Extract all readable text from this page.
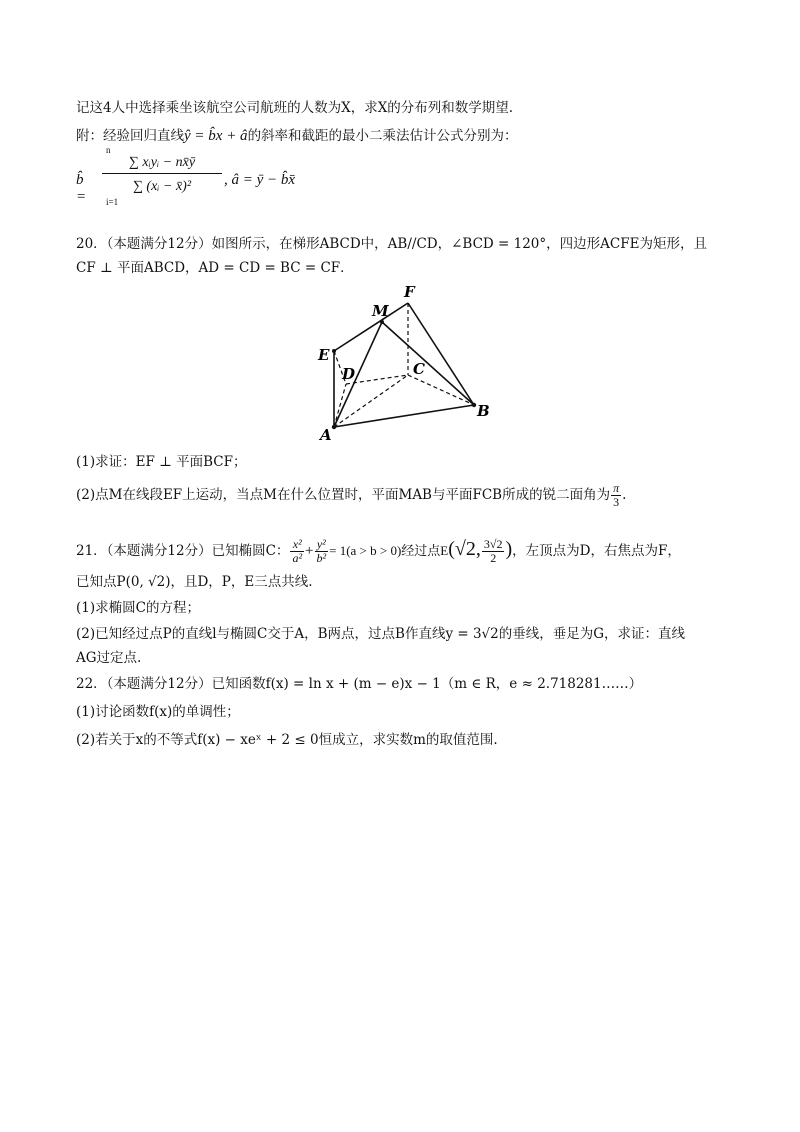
记这4人中选择乘坐该航空公司航班的人数为X，求X的分布列和数学期望.
附：经验回归直线ŷ = b̂x + â的斜率和截距的最小二乘法估计公式分别为：
b̂ =
n
∑ xᵢyᵢ − nx̄ȳ
∑ (xᵢ − x̄)²
i=1
, â = ȳ − b̂x̄
20．（本题满分12分）如图所示，在梯形ABCD中，AB//CD，∠BCD = 120°，四边形ACFE为矩形，且
CF ⊥ 平面ABCD，AD = CD = BC = CF．
F
M
E
D	C
B
A
(1)求证：EF ⊥ 平面BCF；
(2)点M在线段EF上运动，当点M在什么位置时，平面MAB与平面FCB所成的锐二面角为 $\frac{\pi}{3}$ .
21．（本题满分12分）已知椭圆C： $\frac{\text{x²}}{\text{a²}} + \frac{\text{y²}}{\text{b²}} = 1(a > b > 0)$经过点E(√2, $\frac{3√2}{2}$ )，左顶点为D，右焦点为F，
已知点P(0, √2)，且D，P，E三点共线.
(1)求椭圆C的方程；
(2)已知经过点P的直线l与椭圆C交于A，B两点，过点B作直线y = 3√2的垂线，垂足为G，求证：直线
AG过定点.
22．（本题满分12分）已知函数f(x) = ln x + (m − e)x − 1（m ∈ R，e ≈ 2.718281……）
(1)讨论函数f(x)的单调性；
(2)若关于x的不等式f(x) − xeˣ + 2 ≤ 0恒成立，求实数m的取值范围.
